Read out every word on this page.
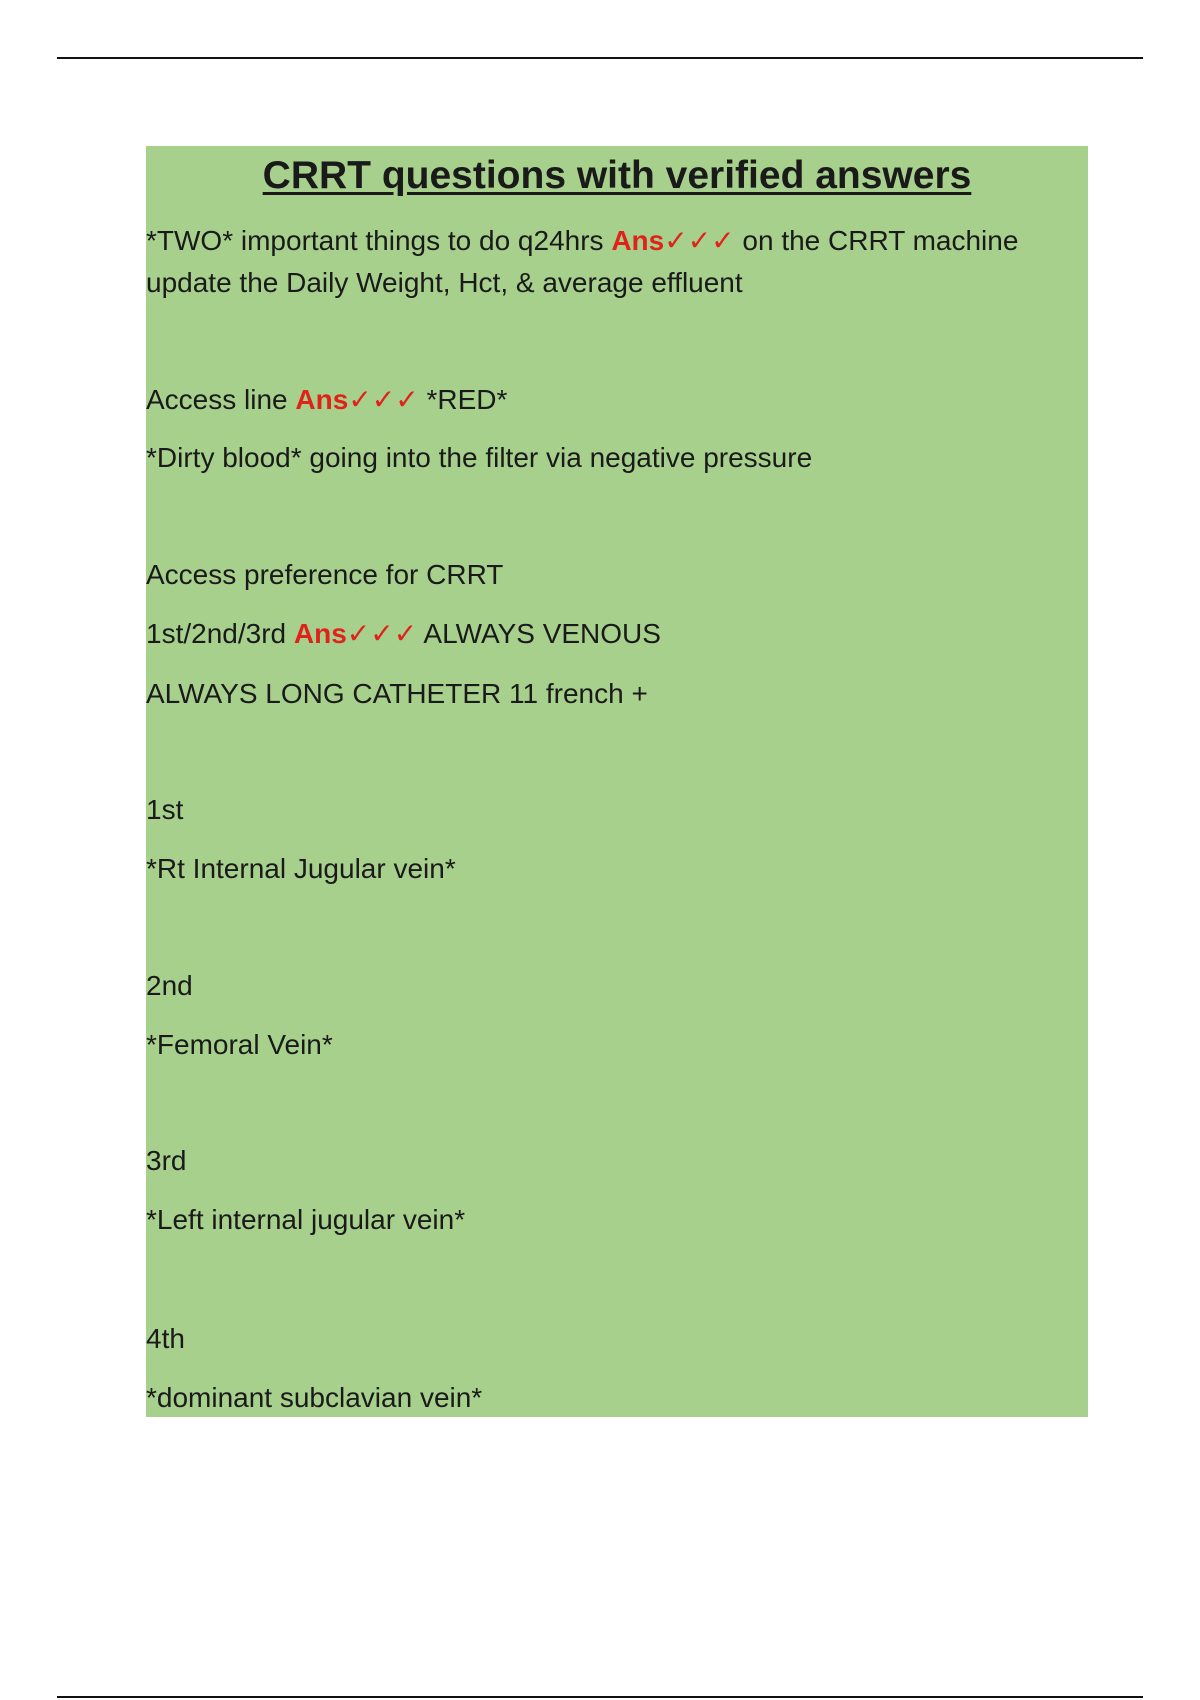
CRRT questions with verified answers
*TWO* important things to do q24hrs Ans✓✓✓ on the CRRT machine
update the Daily Weight, Hct, & average effluent
Access line Ans✓✓✓ *RED*
*Dirty blood* going into the filter via negative pressure
Access preference for CRRT
1st/2nd/3rd Ans✓✓✓ ALWAYS VENOUS
ALWAYS LONG CATHETER 11 french +
1st
*Rt Internal Jugular vein*
2nd
*Femoral Vein*
3rd
*Left internal jugular vein*
4th
*dominant subclavian vein*
